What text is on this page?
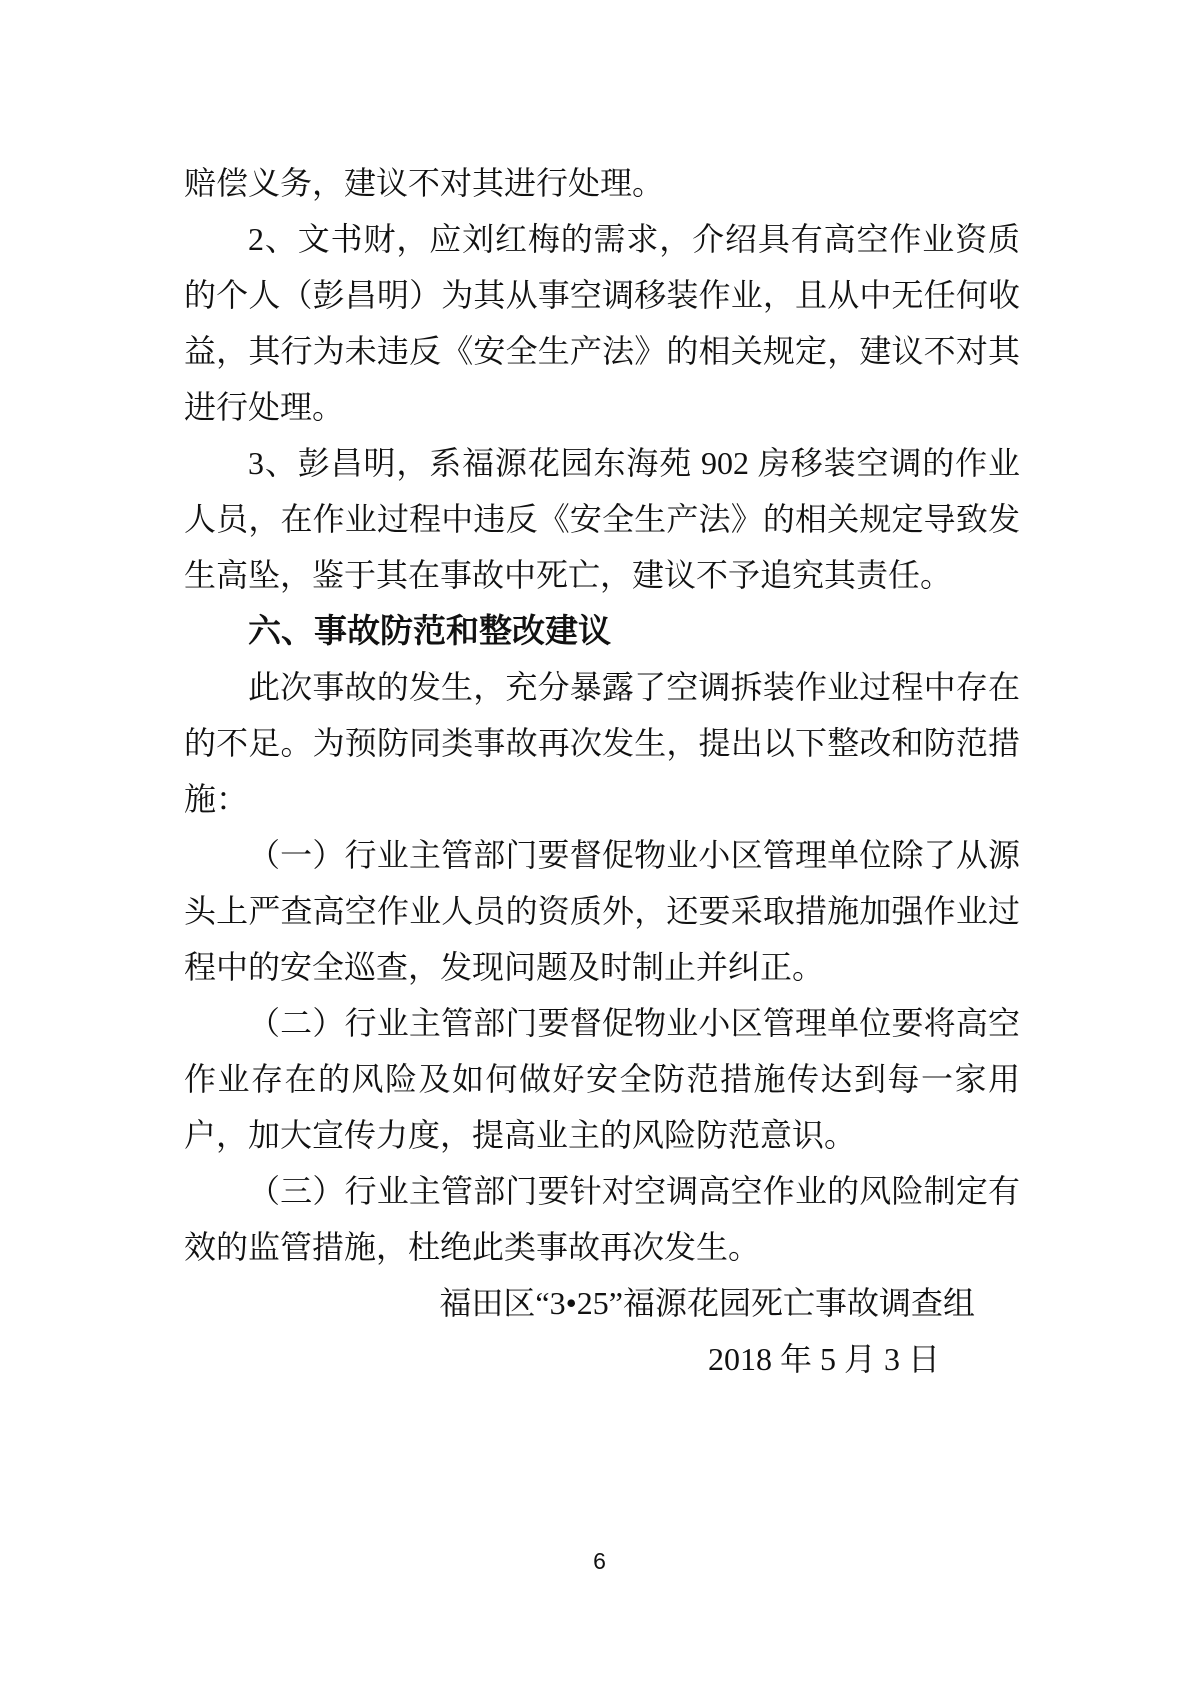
赔偿义务，建议不对其进行处理。
2、文书财，应刘红梅的需求，介绍具有高空作业资质
的个人（彭昌明）为其从事空调移装作业，且从中无任何收
益，其行为未违反《安全生产法》的相关规定，建议不对其
进行处理。
3、彭昌明，系福源花园东海苑 902 房移装空调的作业
人员，在作业过程中违反《安全生产法》的相关规定导致发
生高坠，鉴于其在事故中死亡，建议不予追究其责任。
六、事故防范和整改建议
此次事故的发生，充分暴露了空调拆装作业过程中存在
的不足。为预防同类事故再次发生，提出以下整改和防范措
施：
（一）行业主管部门要督促物业小区管理单位除了从源
头上严查高空作业人员的资质外，还要采取措施加强作业过
程中的安全巡查，发现问题及时制止并纠正。
（二）行业主管部门要督促物业小区管理单位要将高空
作业存在的风险及如何做好安全防范措施传达到每一家用
户，加大宣传力度，提高业主的风险防范意识。
（三）行业主管部门要针对空调高空作业的风险制定有
效的监管措施，杜绝此类事故再次发生。
福田区“3•25”福源花园死亡事故调查组
2018 年 5 月 3 日
6
